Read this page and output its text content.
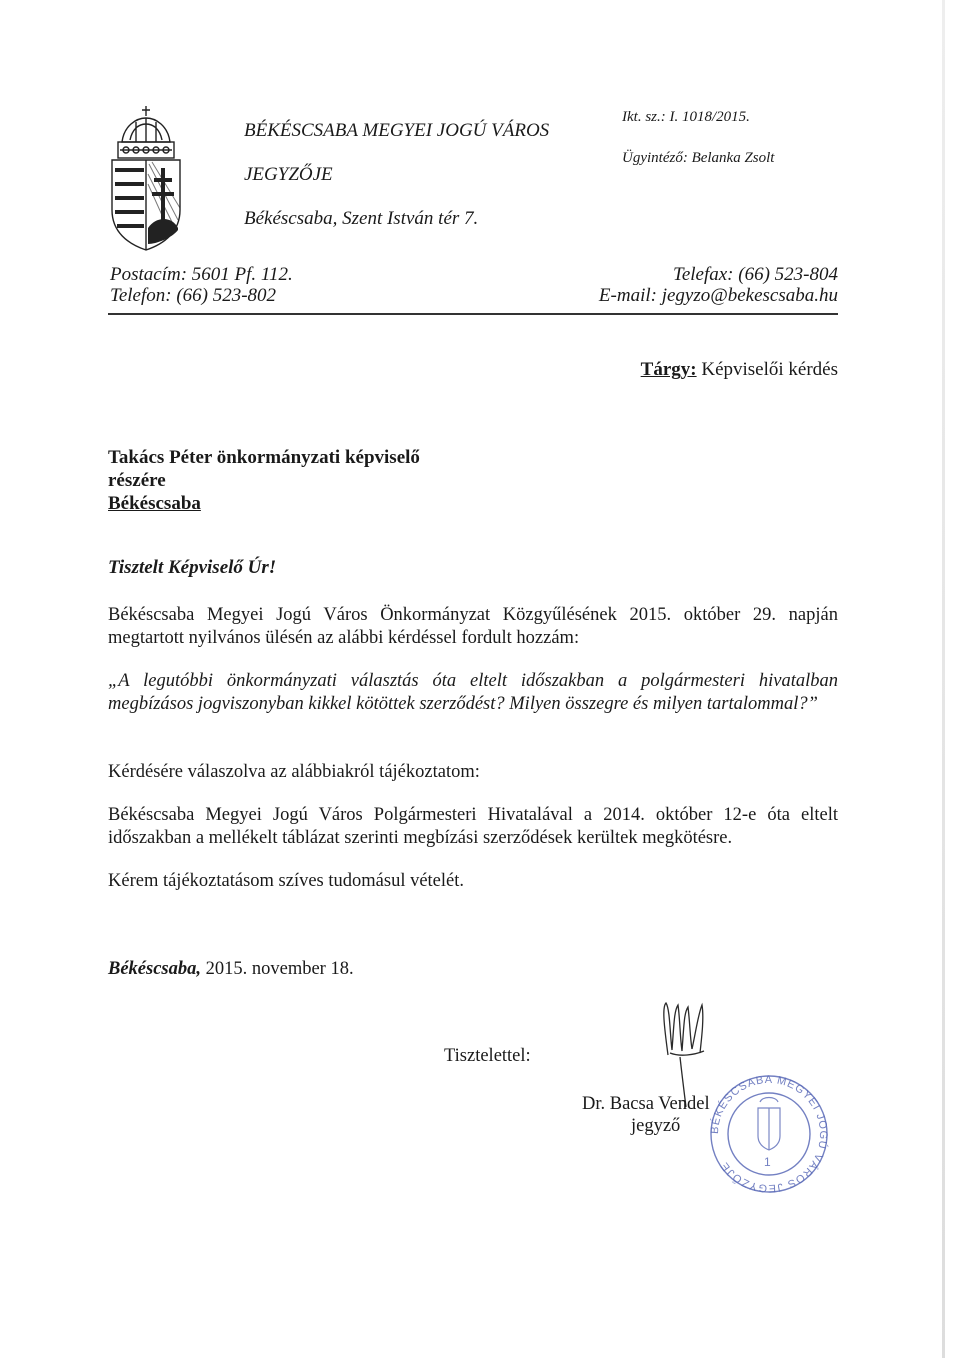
BÉKÉSCSABA MEGYEI JOGÚ VÁROS
JEGYZŐJE
Békéscsaba, Szent István tér 7.
Ikt. sz.: I. 1018/2015.
Ügyintéző: Belanka Zsolt
Postacím: 5601 Pf. 112.
Telefon: (66) 523-802
Telefax: (66) 523-804
E-mail: jegyzo@bekescsaba.hu
Tárgy: Képviselői kérdés
Takács Péter önkormányzati képviselő
részére
Békéscsaba
Tisztelt Képviselő Úr!
Békéscsaba Megyei Jogú Város Önkormányzat Közgyűlésének 2015. október 29. napján megtartott nyilvános ülésén az alábbi kérdéssel fordult hozzám:
„A legutóbbi önkormányzati választás óta eltelt időszakban a polgármesteri hivatalban megbízásos jogviszonyban kikkel kötöttek szerződést? Milyen összegre és milyen tartalommal?”
Kérdésére válaszolva az alábbiakról tájékoztatom:
Békéscsaba Megyei Jogú Város Polgármesteri Hivatalával a 2014. október 12-e óta eltelt időszakban a mellékelt táblázat szerinti megbízási szerződések kerültek megkötésre.
Kérem tájékoztatásom szíves tudomásul vételét.
Békéscsaba, 2015. november 18.
Tisztelettel:
Dr. Bacsa Vendel
jegyző	BÉKÉSCSABA MEGYEI JOGÚ VÁROS JEGYZŐJE	1
